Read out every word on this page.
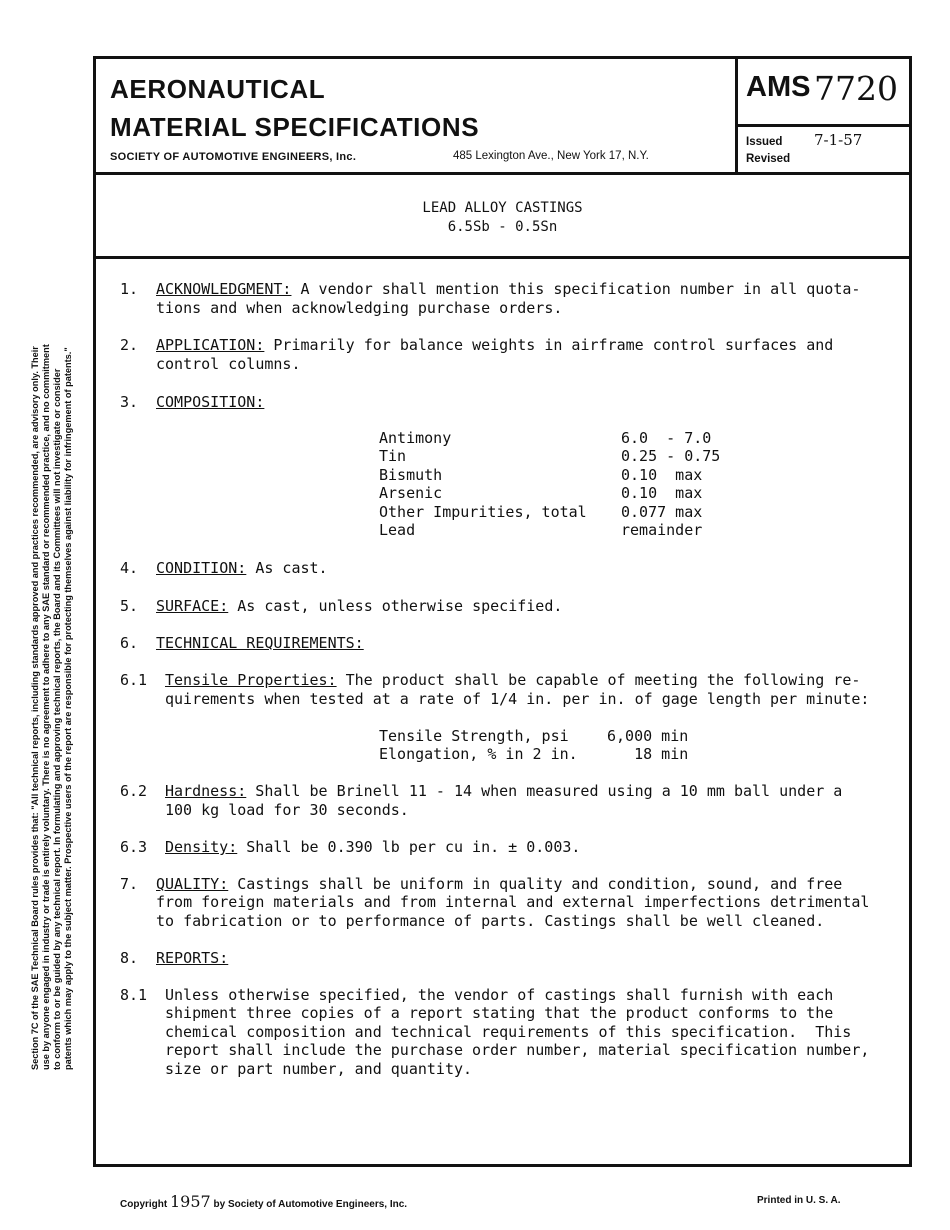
Section 7C of the SAE Technical Board rules provides that: "All technical reports, including standards approved and practices recommended, are advisory only. Their use by anyone engaged in industry or trade is entirely voluntary. There is no agreement to adhere to any SAE standard or recommended practice, and no commitment to conform to or be guided by any technical report. In formulating and approving technical reports, the Board and its Committees will not investigate or consider patents which may apply to the subject matter. Prospective users of the report are responsible for protecting themselves against liability for infringement of patents."
AERONAUTICAL
MATERIAL SPECIFICATIONS
SOCIETY OF AUTOMOTIVE ENGINEERS, Inc.	485 Lexington Ave., New York 17, N.Y.
AMS 7720
Issued 7-1-57
Revised
LEAD ALLOY CASTINGS
6.5Sb - 0.5Sn
1. ACKNOWLEDGMENT: A vendor shall mention this specification number in all quota-
tions and when acknowledging purchase orders.
2. APPLICATION: Primarily for balance weights in airframe control surfaces and
control columns.
3. COMPOSITION:
Antimony	6.0  - 7.0
Tin	0.25 - 0.75
Bismuth	0.10  max
Arsenic	0.10  max
Other Impurities, total 0.077 max
Lead	remainder
4. CONDITION: As cast.
5. SURFACE: As cast, unless otherwise specified.
6. TECHNICAL REQUIREMENTS:
6.1 Tensile Properties: The product shall be capable of meeting the following re-
quirements when tested at a rate of 1/4 in. per in. of gage length per minute:
Tensile Strength, psi	6,000 min
Elongation, % in 2 in. 18 min
6.2 Hardness: Shall be Brinell 11 - 14 when measured using a 10 mm ball under a
100 kg load for 30 seconds.
6.3 Density: Shall be 0.390 lb per cu in. ± 0.003.
7. QUALITY: Castings shall be uniform in quality and condition, sound, and free
from foreign materials and from internal and external imperfections detrimental
to fabrication or to performance of parts. Castings shall be well cleaned.
8. REPORTS:
8.1 Unless otherwise specified, the vendor of castings shall furnish with each
shipment three copies of a report stating that the product conforms to the
chemical composition and technical requirements of this specification.  This
report shall include the purchase order number, material specification number,
size or part number, and quantity.
Copyright 1957 by Society of Automotive Engineers, Inc.	Printed in U. S. A.
